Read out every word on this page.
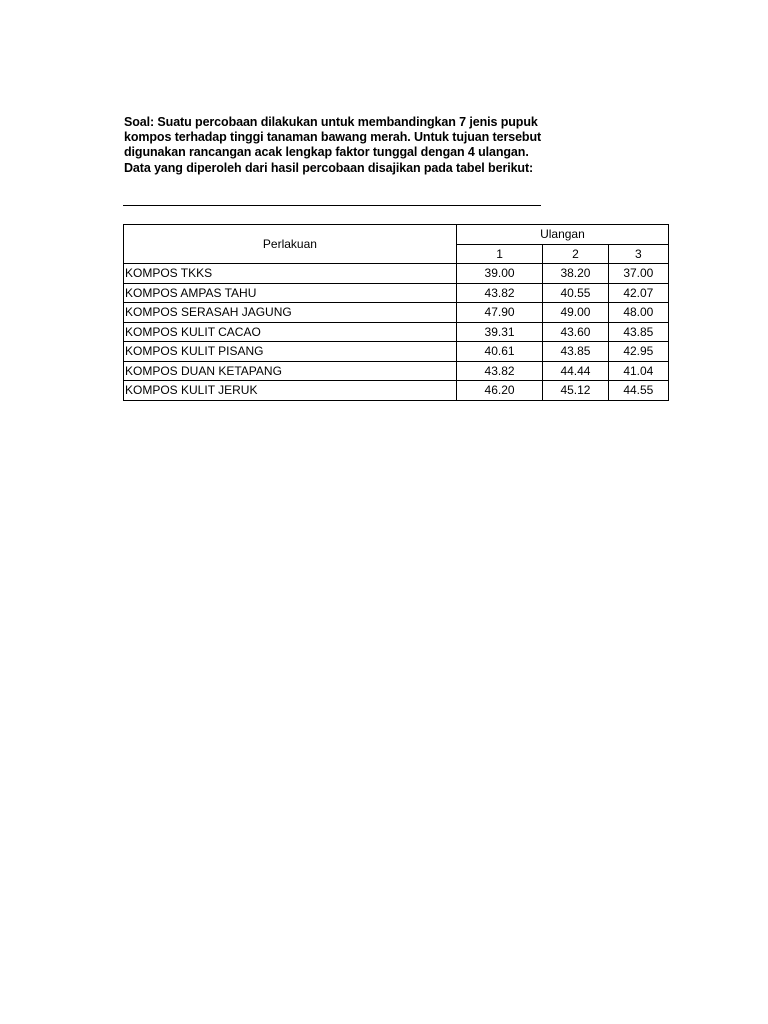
Soal: Suatu percobaan dilakukan untuk membandingkan 7 jenis pupuk kompos terhadap tinggi tanaman bawang merah. Untuk tujuan tersebut digunakan rancangan acak lengkap faktor tunggal dengan 4 ulangan. Data yang diperoleh dari hasil percobaan disajikan pada tabel berikut:
Perlakuan	Ulangan		
	1	2	3
KOMPOS TKKS	39.00	38.20	37.00
KOMPOS AMPAS TAHU	43.82	40.55	42.07
KOMPOS SERASAH JAGUNG	47.90	49.00	48.00
KOMPOS KULIT CACAO	39.31	43.60	43.85
KOMPOS KULIT PISANG	40.61	43.85	42.95
KOMPOS DUAN KETAPANG	43.82	44.44	41.04
KOMPOS KULIT JERUK	46.20	45.12	44.55
